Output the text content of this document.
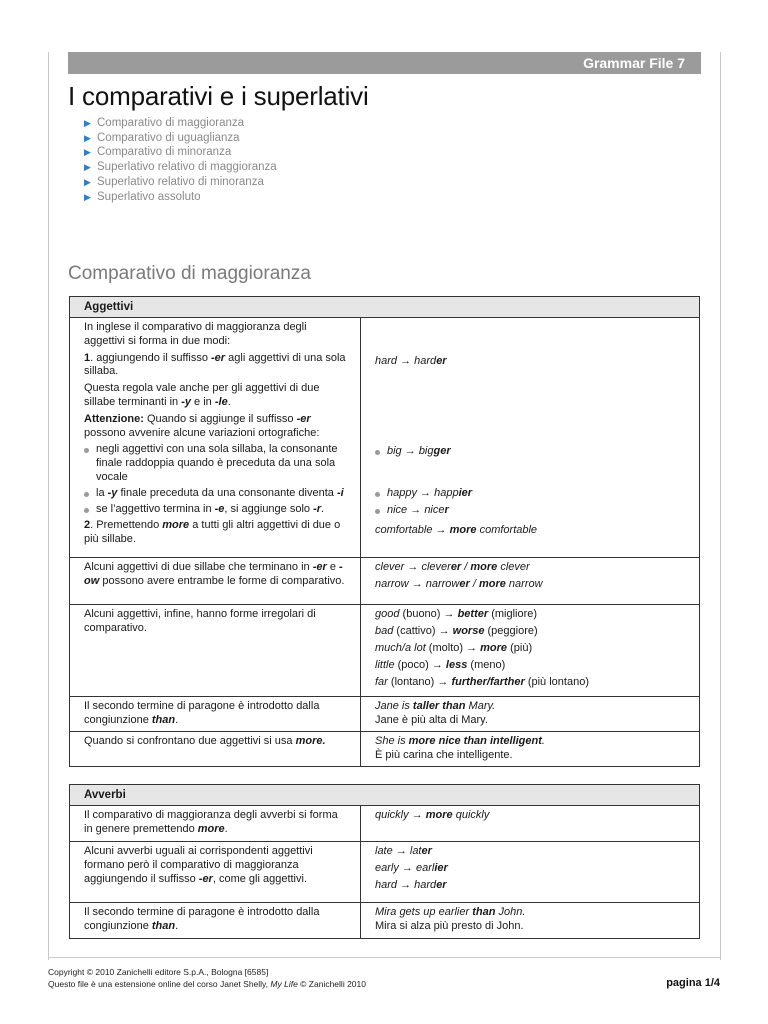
Grammar File 7
I comparativi e i superlativi
▶ Comparativo di maggioranza
▶ Comparativo di uguaglianza
▶ Comparativo di minoranza
▶ Superlativo relativo di maggioranza
▶ Superlativo relativo di minoranza
▶ Superlativo assoluto
Comparativo di maggioranza
Aggettivi

In inglese il comparativo di maggioranza degli aggettivi si forma in due modi:

1. aggiungendo il suffisso -er agli aggettivi di una sola sillaba.

Questa regola vale anche per gli aggettivi di due sillabe terminanti in -y e in -le.

Attenzione: Quando si aggiunge il suffisso -er possono avvenire alcune variazioni ortografiche:

negli aggettivi con una sola sillaba, la consonante finale raddoppia quando è preceduta da una sola vocale

la -y finale preceduta da una consonante diventa -i

se l’aggettivo termina in -e, si aggiunge solo -r.

2. Premettendo more a tutti gli altri aggettivi di due o più sillabe.

hard → harder
big → bigger
happy → happier
nice → nicer
comfortable → more comfortable

Alcuni aggettivi di due sillabe che terminano in -er e -ow possono avere entrambe le forme di comparativo.

clever → cleverer / more clever
narrow → narrower / more narrow

Alcuni aggettivi, infine, hanno forme irregolari di comparativo.

good (buono) → better (migliore)
bad (cattivo) → worse (peggiore)
much/a lot (molto) → more (più)
little (poco) → less (meno)
far (lontano) → further/farther (più lontano)

Il secondo termine di paragone è introdotto dalla congiunzione than.

Jane is taller than Mary.
Jane è più alta di Mary.

Quando si confrontano due aggettivi si usa more.	She is more nice than intelligent.
È più carina che intelligente.
Avverbi

Il comparativo di maggioranza degli avverbi si forma in genere premettendo more.

quickly → more quickly

Alcuni avverbi uguali ai corrispondenti aggettivi formano però il comparativo di maggioranza aggiungendo il suffisso -er, come gli aggettivi.

late → later
early → earlier
hard → harder

Il secondo termine di paragone è introdotto dalla congiunzione than.

Mira gets up earlier than John.
Mira si alza più presto di John.
Copyright © 2010 Zanichelli editore S.p.A., Bologna [6585]
Questo file è una estensione online del corso Janet Shelly, My Life © Zanichelli 2010	pagina 1/4
